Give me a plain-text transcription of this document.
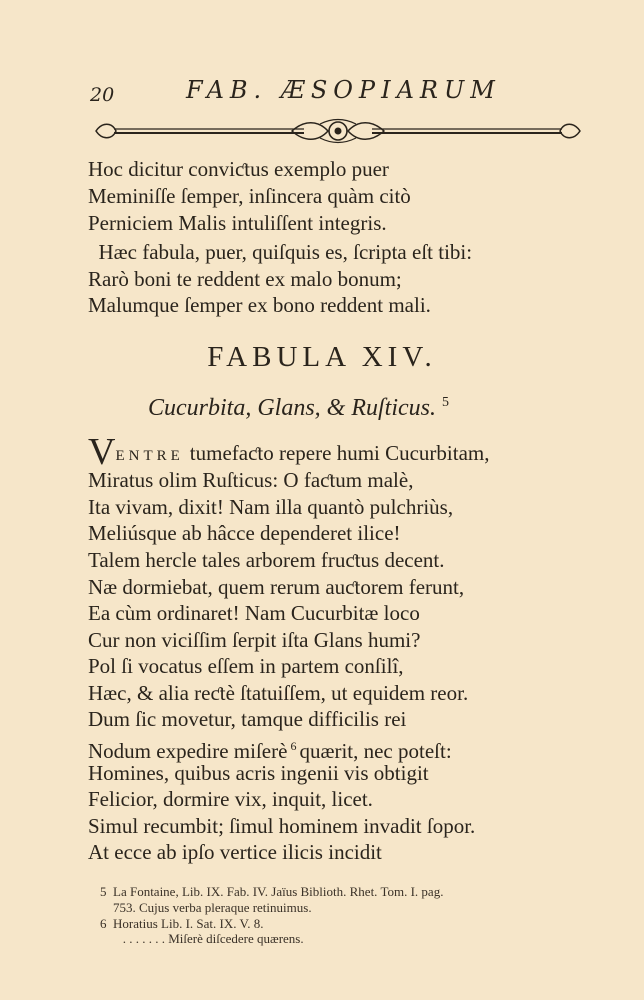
20	FAB. ÆSOPIARUM
Hoc dicitur conviƈtus exemplo puer
Meminiſſe ſemper, inſincera quàm citò
Perniciem Malis intuliſſent integris.
Hæc fabula, puer, quiſquis es, ſcripta eſt tibi:
Rarò boni te reddent ex malo bonum;
Malumque ſemper ex bono reddent mali.
FABULA XIV.
Cucurbita, Glans, & Ruſticus. $^5$
VENTRE tumefaƈto repere humi Cucurbitam,
Miratus olim Ruſticus: O faƈtum malè,
Ita vivam, dixit! Nam illa quantò pulchriùs,
Meliúsque ab hâcce dependeret ilice!
Talem hercle tales arborem fruƈtus decent.
Næ dormiebat, quem rerum auƈtorem ferunt,
Ea cùm ordinaret! Nam Cucurbitæ loco
Cur non viciſſim ſerpit iſta Glans humi?
Pol ſi vocatus eſſem in partem conſilî,
Hæc, & alia reƈtè ſtatuiſſem, ut equidem reor.
Dum ſic movetur, tamque difficilis rei
Nodum expedire miſerè $^6$ quærit, nec poteſt:
Homines, quibus acris ingenii vis obtigit
Felicior, dormire vix, inquit, licet.
Simul recumbit; ſimul hominem invadit ſopor.
At ecce ab ipſo vertice ilicis incidit
5  La Fontaine, Lib. IX. Fab. IV. Jaïus Biblioth. Rhet. Tom. I. pag.
753. Cujus verba pleraque retinuimus.
6  Horatius Lib. I. Sat. IX. V. 8.
. . . . . . . Miſerè diſcedere quærens.
